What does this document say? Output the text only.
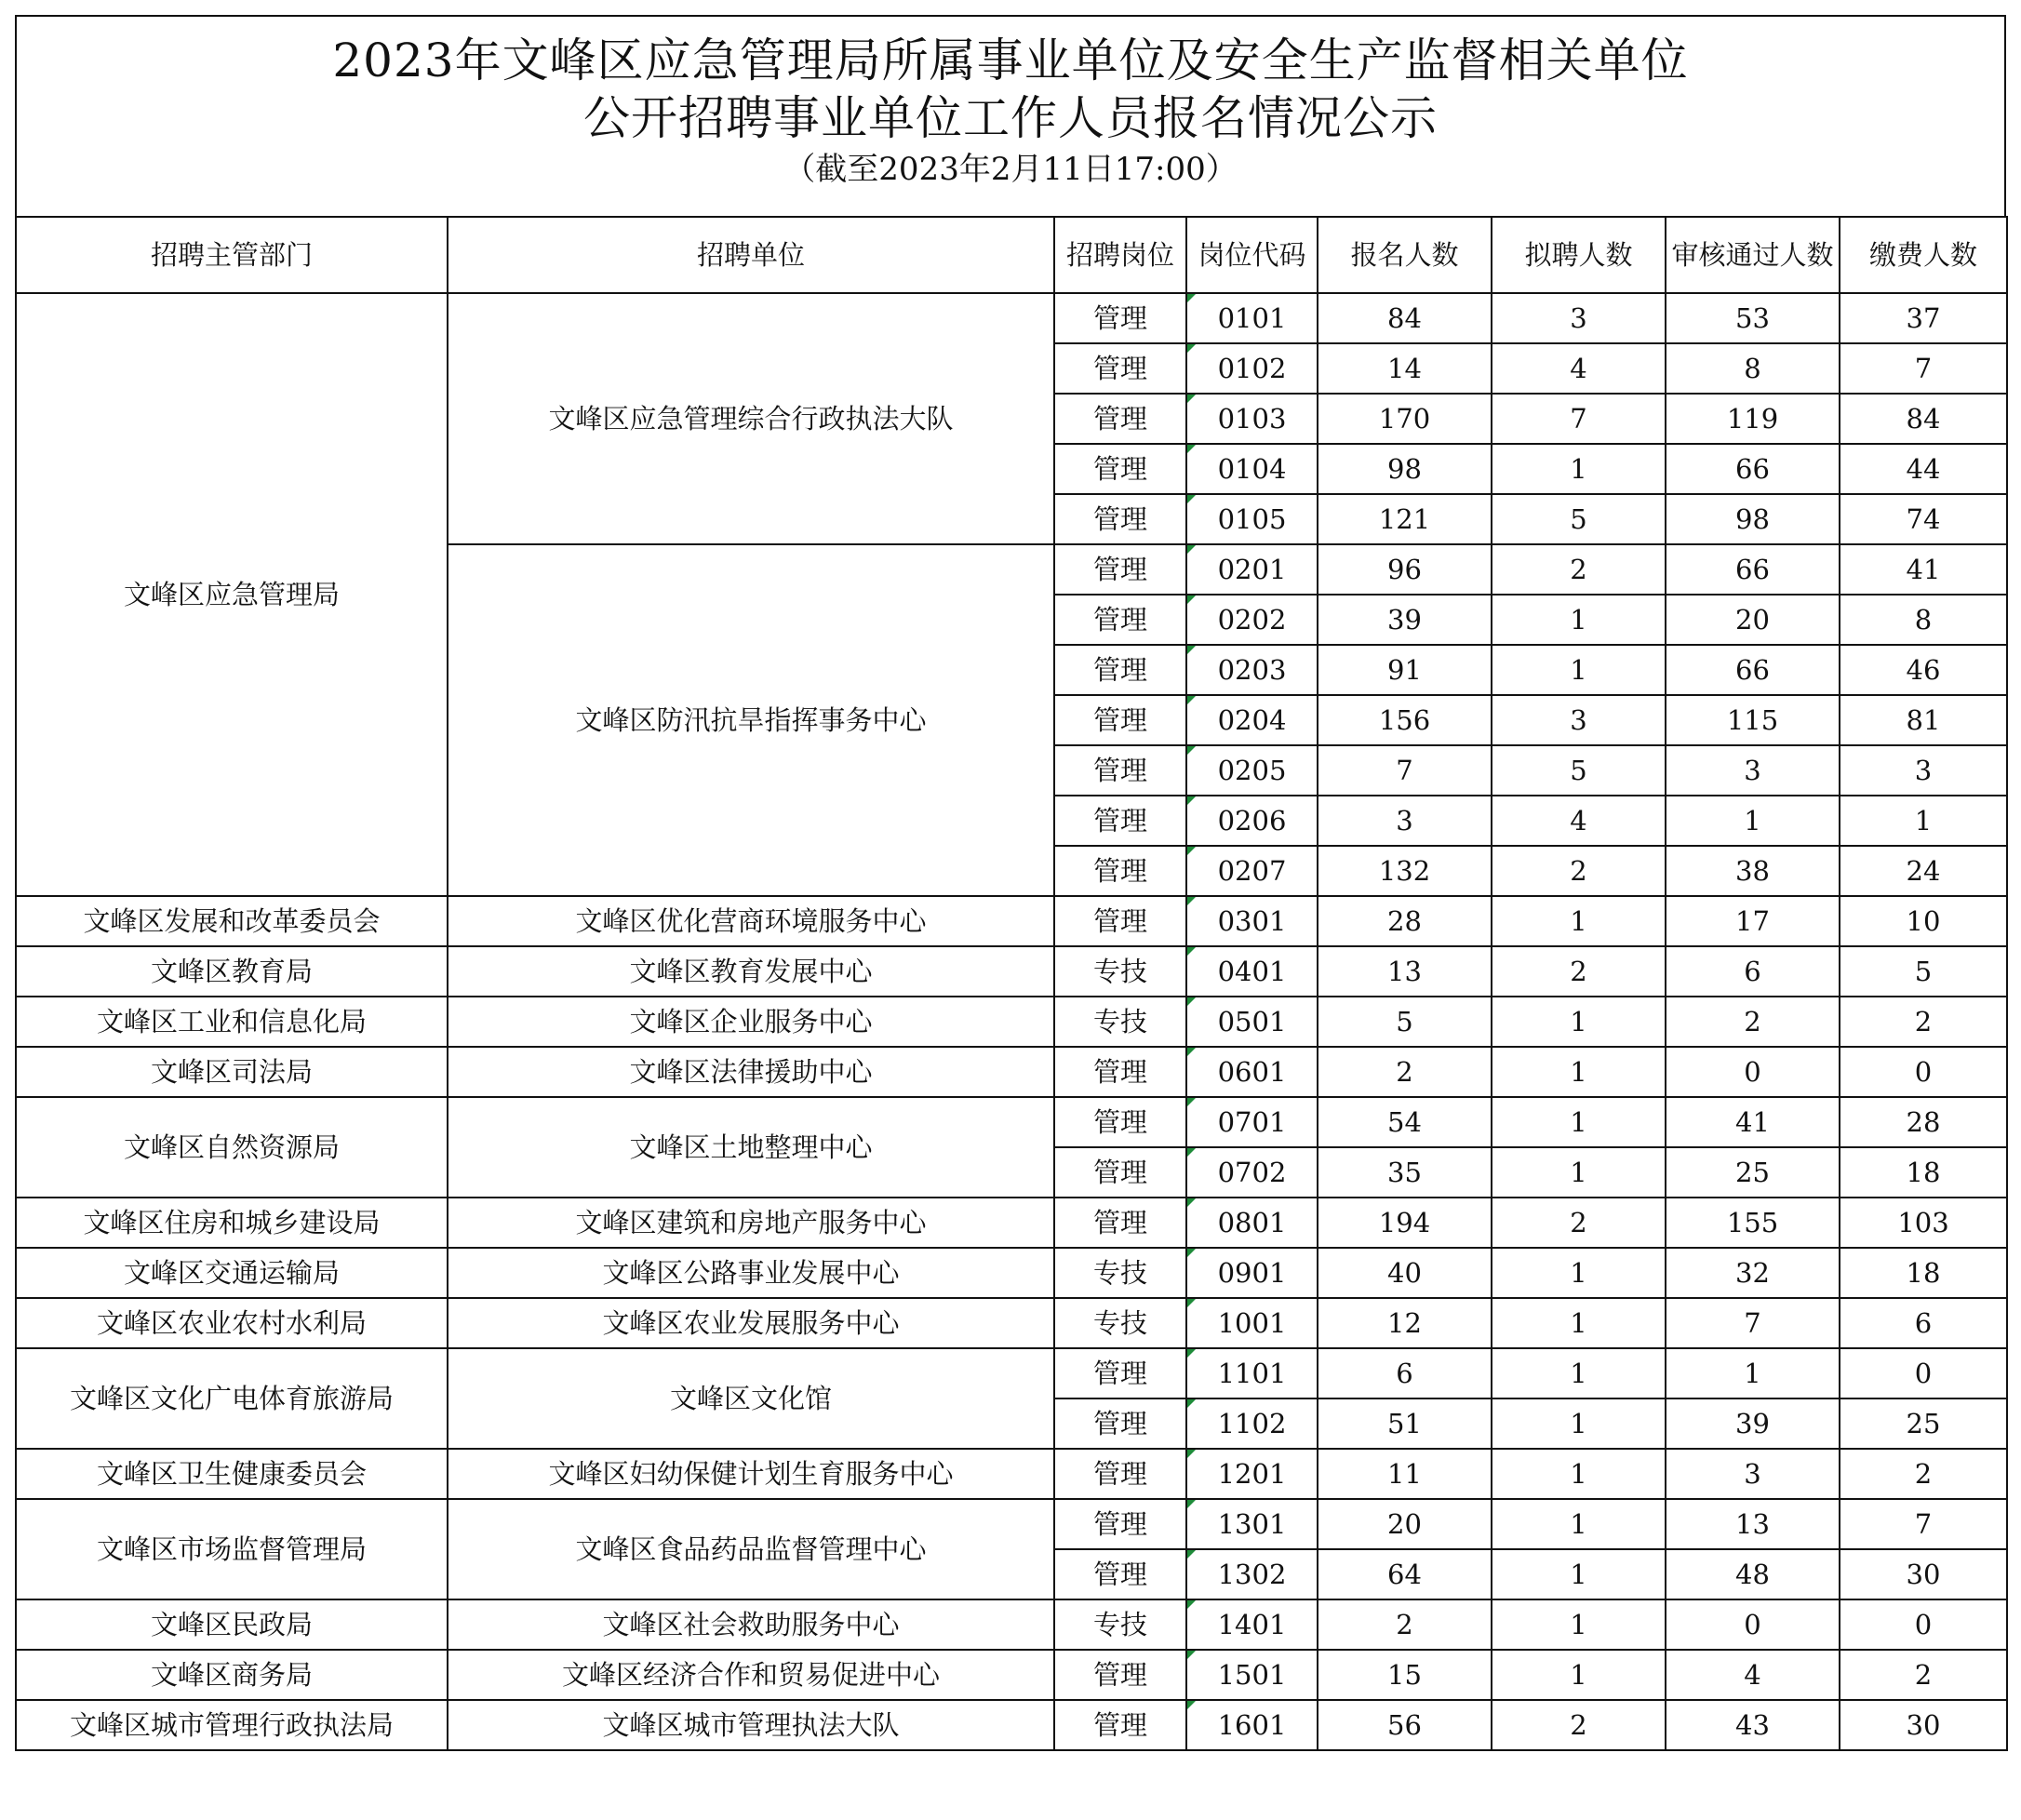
2023年文峰区应急管理局所属事业单位及安全生产监督相关单位
公开招聘事业单位工作人员报名情况公示
（截至2023年2月11日17:00）
招聘主管部门	招聘单位	招聘岗位	岗位代码	报名人数	拟聘人数	审核通过人数	缴费人数
文峰区应急管理局	文峰区应急管理综合行政执法大队	管理	0101	84	3	53	37
		管理	0102	14	4	8	7
		管理	0103	170	7	119	84
		管理	0104	98	1	66	44
		管理	0105	121	5	98	74
	文峰区防汛抗旱指挥事务中心	管理	0201	96	2	66	41
		管理	0202	39	1	20	8
		管理	0203	91	1	66	46
		管理	0204	156	3	115	81
		管理	0205	7	5	3	3
		管理	0206	3	4	1	1
		管理	0207	132	2	38	24
文峰区发展和改革委员会	文峰区优化营商环境服务中心	管理	0301	28	1	17	10
文峰区教育局	文峰区教育发展中心	专技	0401	13	2	6	5
文峰区工业和信息化局	文峰区企业服务中心	专技	0501	5	1	2	2
文峰区司法局	文峰区法律援助中心	管理	0601	2	1	0	0
文峰区自然资源局	文峰区土地整理中心	管理	0701	54	1	41	28
		管理	0702	35	1	25	18
文峰区住房和城乡建设局	文峰区建筑和房地产服务中心	管理	0801	194	2	155	103
文峰区交通运输局	文峰区公路事业发展中心	专技	0901	40	1	32	18
文峰区农业农村水利局	文峰区农业发展服务中心	专技	1001	12	1	7	6
文峰区文化广电体育旅游局	文峰区文化馆	管理	1101	6	1	1	0
		管理	1102	51	1	39	25
文峰区卫生健康委员会	文峰区妇幼保健计划生育服务中心	管理	1201	11	1	3	2
文峰区市场监督管理局	文峰区食品药品监督管理中心	管理	1301	20	1	13	7
		管理	1302	64	1	48	30
文峰区民政局	文峰区社会救助服务中心	专技	1401	2	1	0	0
文峰区商务局	文峰区经济合作和贸易促进中心	管理	1501	15	1	4	2
文峰区城市管理行政执法局	文峰区城市管理执法大队	管理	1601	56	2	43	30
